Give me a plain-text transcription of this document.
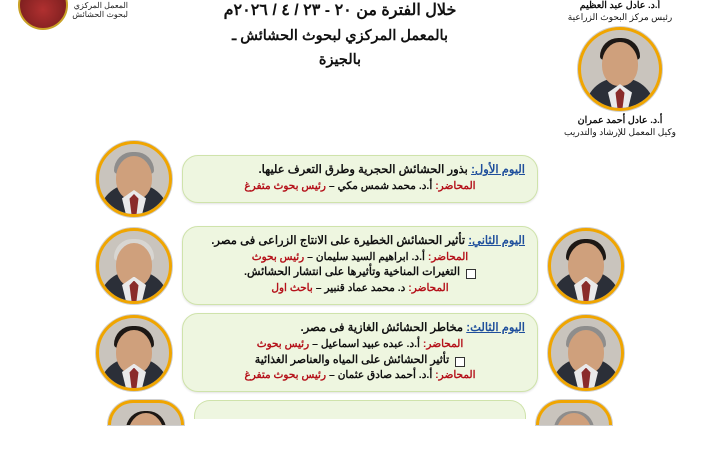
المعمل المركزي لبحوث الحشائش	خلال الفترة من ٢٠ - ٢٣ / ٤ / ٢٠٢٦م
بالمعمل المركزي لبحوث الحشائش ـ
بالجيزة
أ.د. عادل عبد العظيم
رئيس مركز البحوث الزراعية
أ.د. عادل أحمد عمران
وكيل المعمل للإرشاد والتدريب
اليوم الأول: بذور الحشائش الحجرية وطرق التعرف عليها.
المحاضر: أ.د. محمد شمس مكي – رئيس بحوث متفرغ
اليوم الثاني: تأثير الحشائش الخطيرة على الانتاج الزراعى فى مصر.
المحاضر: أ.د. ابراهيم السيد سليمان – رئيس بحوث
التغيرات المناخية وتأثيرها على انتشار الحشائش.
المحاضر: د. محمد عماد قنبير – باحث اول
اليوم الثالث: مخاطر الحشائش الغازية فى مصر.
المحاضر: أ.د. عبده عبيد اسماعيل – رئيس بحوث
تأثير الحشائش على المياه والعناصر الغذائية
المحاضر: أ.د. أحمد صادق عثمان – رئيس بحوث متفرغ
